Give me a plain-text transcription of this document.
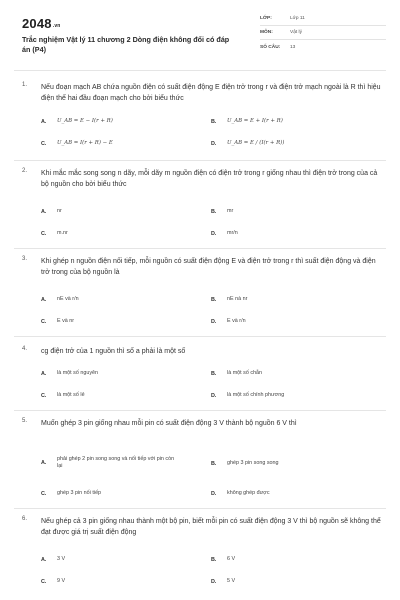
2048.vn
Trắc nghiệm Vật lý 11 chương 2 Dòng điện không đổi có đáp án (P4)
LỚP:	Lớp 11
MÔN:	Vật lý
SỐ CÂU:	13
1. Nếu đoạn mạch AB chứa nguồn điện có suất điện động E điện trở trong r và điện trở mạch ngoài là R thì hiệu điện thế hai đầu đoạn mạch cho bởi biểu thức
A.	U_AB = E − I(r + R)	B.	U_AB = E + I(r + R)
C.	U_AB = I(r + R) − E	D.	U_AB = E / (I(r + R))
2. Khi mắc mắc song song n dãy, mỗi dãy m nguồn điện có điện trở trong r giống nhau thì điện trở trong của cả bộ nguồn cho bởi biểu thức
A.	nr	B.	mr
C.	m.nr	D.	mr/n
3. Khi ghép n nguồn điện nối tiếp, mỗi nguồn có suất điện động E và điện trở trong r thì suất điện động và điện trở trong của bộ nguồn là
A.	nE và r/n	B.	nE nà nr
C.	E và nr	D.	E và r/n
4. cg điện trở của 1 nguồn thì số a phải là một số
A.	là một số nguyên	B.	là một số chẵn
C.	là một số lẻ	D.	là một số chính phương
5. Muốn ghép 3 pin giống nhau mỗi pin có suất điện động 3 V thành bộ nguồn 6 V thì
A.
phải ghép 2 pin song song và nối tiếp với pin còn lại	B.	ghép 3 pin song song
C.	ghép 3 pin nối tiếp	D.	không ghép được
6. Nếu ghép cả 3 pin giống nhau thành một bộ pin, biết mỗi pin có suất điện động 3 V thì bộ nguồn sẽ không thể đạt được giá trị suất điện động
A.	3 V	B.	6 V
C.	9 V	D.	5 V
